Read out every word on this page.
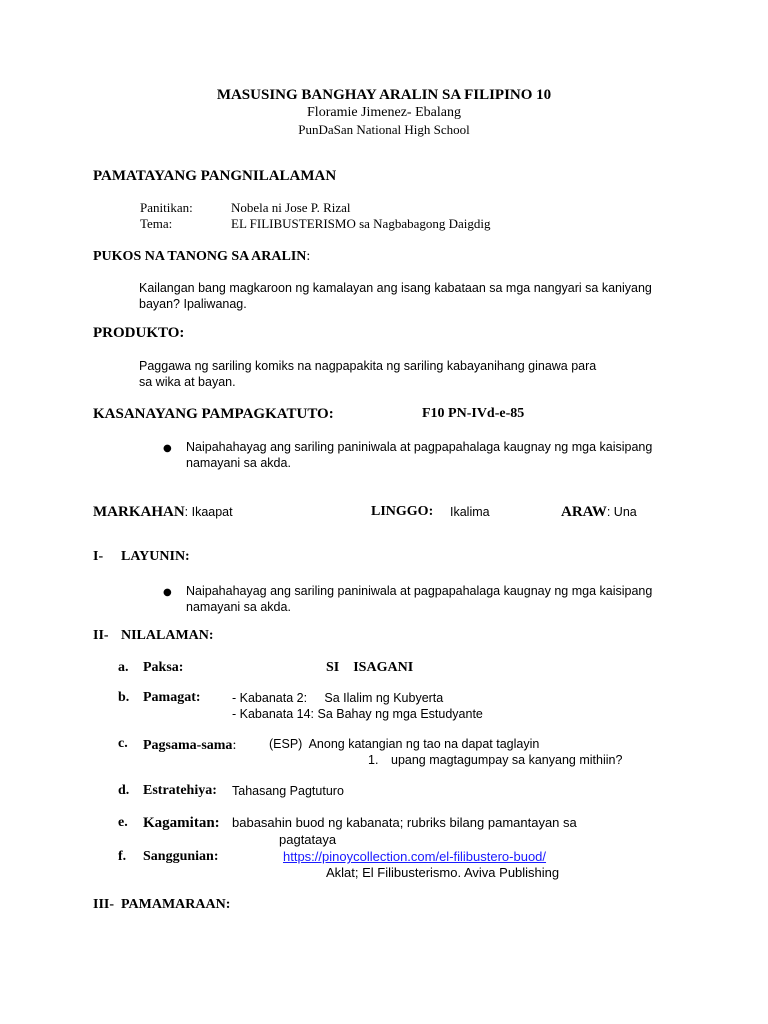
MASUSING BANGHAY ARALIN SA FILIPINO 10
Floramie Jimenez- Ebalang
PunDaSan National High School
PAMATAYANG PANGNILALAMAN
Panitikan:	Nobela ni Jose P. Rizal
Tema:	EL FILIBUSTERISMO sa Nagbabagong Daigdig
PUKOS NA TANONG SA ARALIN:
Kailangan bang magkaroon ng kamalayan ang isang kabataan sa mga nangyari sa kaniyang
bayan? Ipaliwanag.
PRODUKTO:
Paggawa ng sariling komiks na nagpapakita ng sariling kabayanihang ginawa para
sa wika at bayan.
KASANAYANG PAMPAGKATUTO:	F10 PN-IVd-e-85
● Naipahahayag ang sariling paniniwala at pagpapahalaga kaugnay ng mga kaisipang
namayani sa akda.
MARKAHAN: Ikaapat	LINGGO: Ikalima	ARAW: Una
I- LAYUNIN:
● Naipahahayag ang sariling paniniwala at pagpapahalaga kaugnay ng mga kaisipang
namayani sa akda.
II- NILALAMAN:
a. Paksa:	SI    ISAGANI
b. Pamagat:	- Kabanata 2:     Sa Ilalim ng Kubyerta
- Kabanata 14: Sa Bahay ng mga Estudyante
c. Pagsama-sama:	(ESP)  Anong katangian ng tao na dapat taglayin
1. upang magtagumpay sa kanyang mithiin?
d. Estratehiya: Tahasang Pagtuturo
e. Kagamitan: babasahin buod ng kabanata; rubriks bilang pamantayan sa
pagtataya
f. Sanggunian:	https://pinoycollection.com/el-filibustero-buod/
Aklat; El Filibusterismo. Aviva Publishing
III- PAMAMARAAN:
